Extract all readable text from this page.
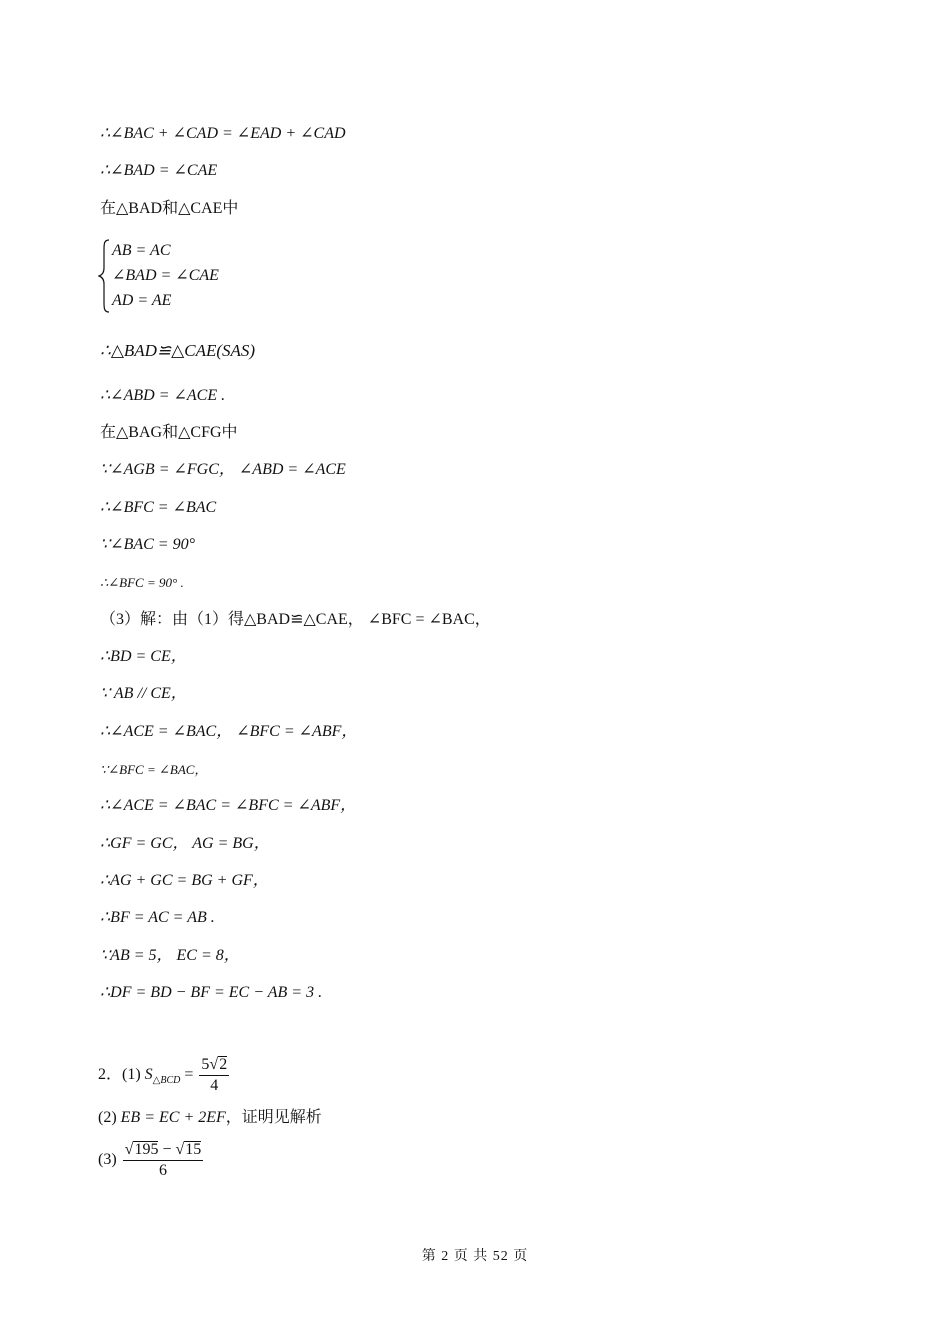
∴∠BAC + ∠CAD = ∠EAD + ∠CAD
∴∠BAD = ∠CAE
在△BAD和△CAE中
AB = AC
∠BAD = ∠CAE
AD = AE
∴△BAD≌△CAE(SAS)
∴∠ABD = ∠ACE .
在△BAG和△CFG中
∵∠AGB = ∠FGC， ∠ABD = ∠ACE
∴∠BFC = ∠BAC
∵∠BAC = 90°
∴∠BFC = 90° .
（3）解：由（1）得△BAD≌△CAE， ∠BFC = ∠BAC，
∴BD = CE，
∵ AB // CE，
∴∠ACE = ∠BAC， ∠BFC = ∠ABF，
∵∠BFC = ∠BAC，
∴∠ACE = ∠BAC = ∠BFC = ∠ABF，
∴GF = GC， AG = BG，
∴AG + GC = BG + GF，
∴BF = AC = AB .
∵AB = 5， EC = 8，
∴DF = BD − BF = EC − AB = 3 .
2．(1) $S_{\triangle BCD} = \frac{5√2}{4}$
(2) EB = EC + 2EF，证明见解析
$(3) \frac{√195 - √15}{6}$
第 2 页 共 52 页
